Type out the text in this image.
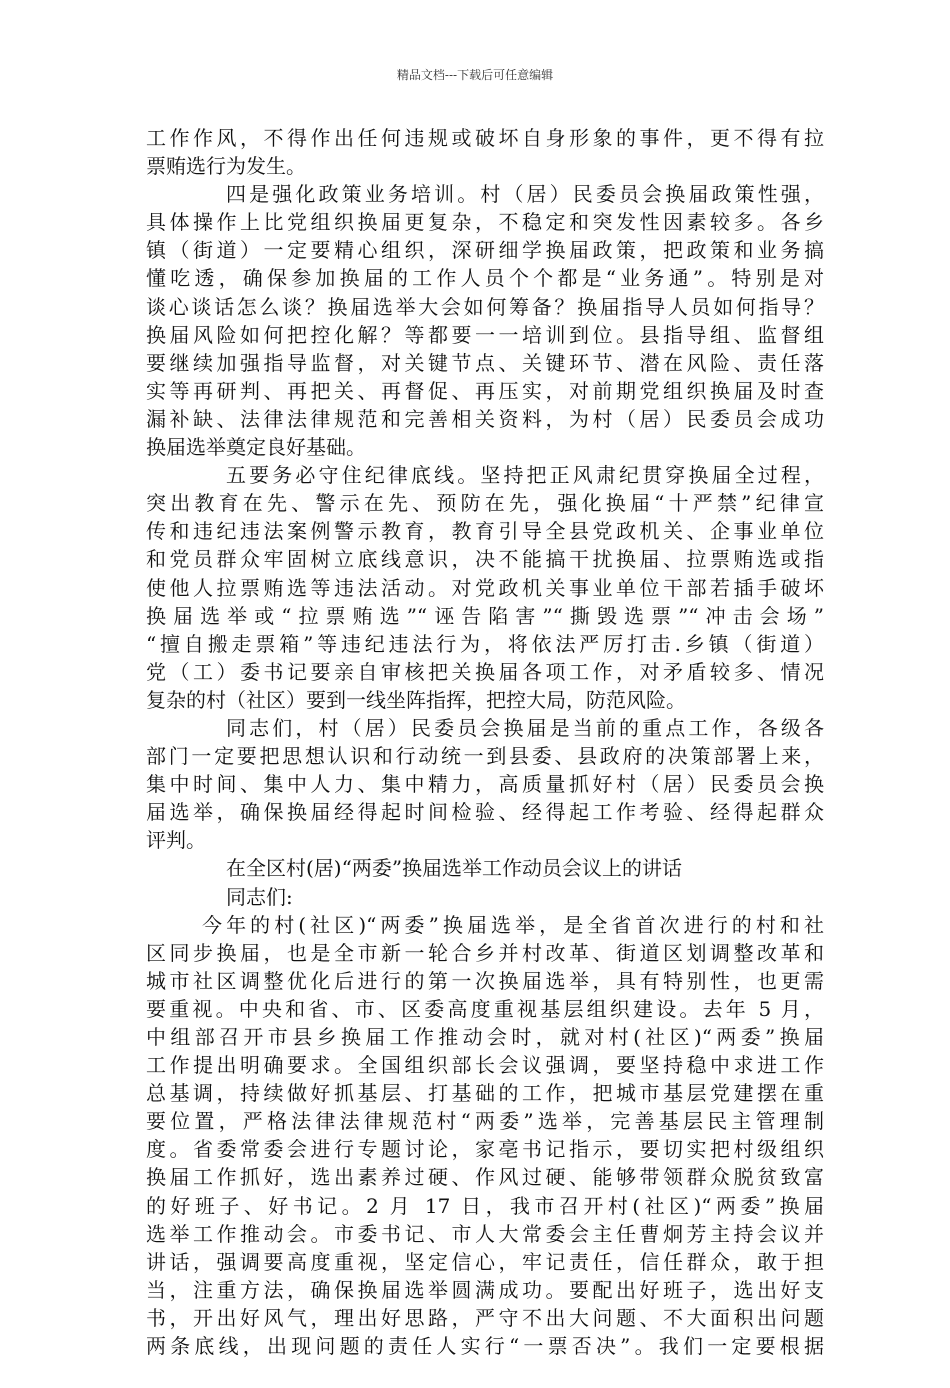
精品文档---下载后可任意编辑
工作作风，不得作出任何违规或破坏自身形象的事件，更不得有拉
票贿选行为发生。
四是强化政策业务培训。村（居）民委员会换届政策性强，
具体操作上比党组织换届更复杂，不稳定和突发性因素较多。各乡
镇（街道）一定要精心组织，深研细学换届政策，把政策和业务搞
懂吃透，确保参加换届的工作人员个个都是“业务通”。特别是对
谈心谈话怎么谈？换届选举大会如何筹备？换届指导人员如何指导？
换届风险如何把控化解？等都要一一培训到位。县指导组、监督组
要继续加强指导监督，对关键节点、关键环节、潜在风险、责任落
实等再研判、再把关、再督促、再压实，对前期党组织换届及时查
漏补缺、法律法律规范和完善相关资料，为村（居）民委员会成功
换届选举奠定良好基础。
五要务必守住纪律底线。坚持把正风肃纪贯穿换届全过程，
突出教育在先、警示在先、预防在先，强化换届“十严禁”纪律宣
传和违纪违法案例警示教育，教育引导全县党政机关、企事业单位
和党员群众牢固树立底线意识，决不能搞干扰换届、拉票贿选或指
使他人拉票贿选等违法活动。对党政机关事业单位干部若插手破坏
换届选举或“拉票贿选”“诬告陷害”“撕毁选票”“冲击会场”
“擅自搬走票箱”等违纪违法行为，将依法严厉打击.乡镇（街道）
党（工）委书记要亲自审核把关换届各项工作，对矛盾较多、情况
复杂的村（社区）要到一线坐阵指挥，把控大局，防范风险。
同志们，村（居）民委员会换届是当前的重点工作，各级各
部门一定要把思想认识和行动统一到县委、县政府的决策部署上来，
集中时间、集中人力、集中精力，高质量抓好村（居）民委员会换
届选举，确保换届经得起时间检验、经得起工作考验、经得起群众
评判。
在全区村(居)“两委”换届选举工作动员会议上的讲话
同志们:
今年的村(社区)“两委”换届选举，是全省首次进行的村和社
区同步换届，也是全市新一轮合乡并村改革、街道区划调整改革和
城市社区调整优化后进行的第一次换届选举，具有特别性，也更需
要重视。中央和省、市、区委高度重视基层组织建设。去年 5 月，
中组部召开市县乡换届工作推动会时，就对村(社区)“两委”换届
工作提出明确要求。全国组织部长会议强调，要坚持稳中求进工作
总基调，持续做好抓基层、打基础的工作，把城市基层党建摆在重
要位置，严格法律法律规范村“两委”选举，完善基层民主管理制
度。省委常委会进行专题讨论，家亳书记指示，要切实把村级组织
换届工作抓好，选出素养过硬、作风过硬、能够带领群众脱贫致富
的好班子、好书记。2 月 17 日，我市召开村(社区)“两委”换届
选举工作推动会。市委书记、市人大常委会主任曹炯芳主持会议并
讲话，强调要高度重视，坚定信心，牢记责任，信任群众，敢于担
当，注重方法，确保换届选举圆满成功。要配出好班子，选出好支
书，开出好风气，理出好思路，严守不出大问题、不大面积出问题
两条底线，出现问题的责任人实行“一票否决”。我们一定要根据
